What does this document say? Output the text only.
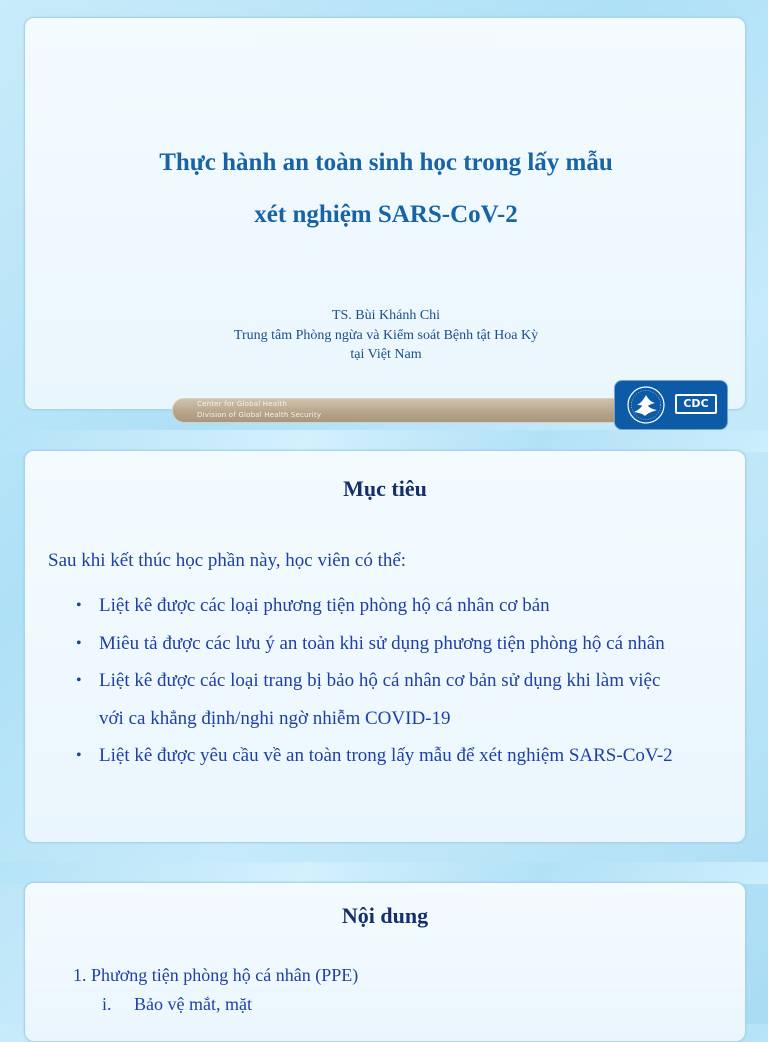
Thực hành an toàn sinh học trong lấy mẫu
xét nghiệm SARS-CoV-2
TS. Bùi Khánh Chi
Trung tâm Phòng ngừa và Kiểm soát Bệnh tật Hoa Kỳ
tại Việt Nam
Center for Global Health
Division of Global Health Security
CDC
Mục tiêu

Sau khi kết thúc học phần này, học viên có thể:

• Liệt kê được các loại phương tiện phòng hộ cá nhân cơ bản
• Miêu tả được các lưu ý an toàn khi sử dụng phương tiện phòng hộ cá nhân
• Liệt kê được các loại trang bị bảo hộ cá nhân cơ bản sử dụng khi làm việc
với ca khẳng định/nghi ngờ nhiễm COVID-19
• Liệt kê được yêu cầu về an toàn trong lấy mẫu để xét nghiệm SARS-CoV-2
Nội dung

1. Phương tiện phòng hộ cá nhân (PPE)

i. Bảo vệ mắt, mặt
